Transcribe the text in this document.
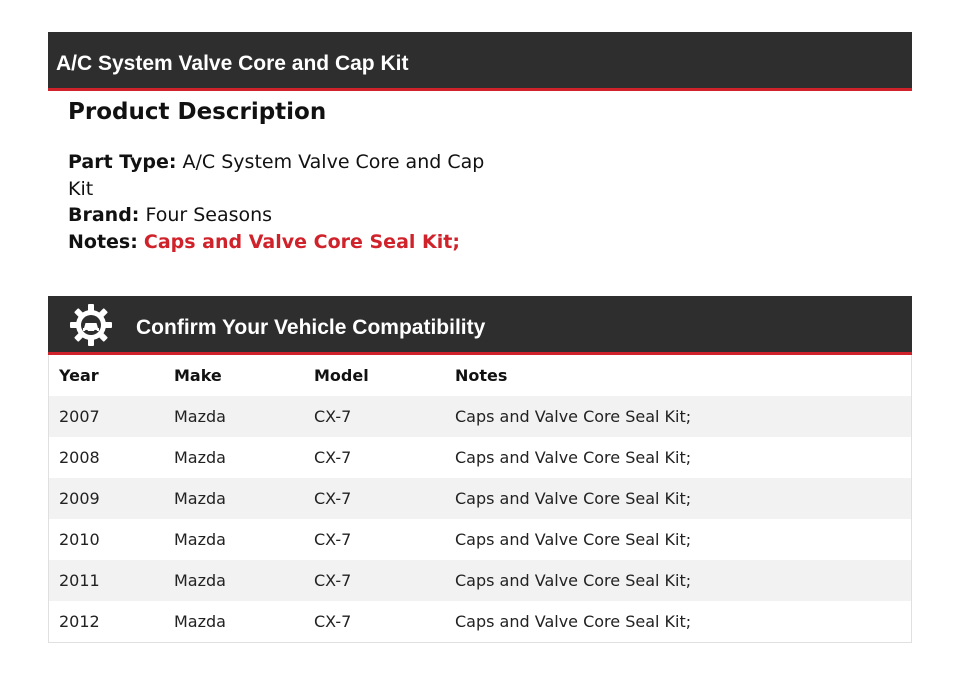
A/C System Valve Core and Cap Kit
Product Description
Part Type: A/C System Valve Core and Cap Kit
Brand: Four Seasons
Notes: Caps and Valve Core Seal Kit;
Confirm Your Vehicle Compatibility
Year	Make	Model	Notes
2007	Mazda	CX-7	Caps and Valve Core Seal Kit;
2008	Mazda	CX-7	Caps and Valve Core Seal Kit;
2009	Mazda	CX-7	Caps and Valve Core Seal Kit;
2010	Mazda	CX-7	Caps and Valve Core Seal Kit;
2011	Mazda	CX-7	Caps and Valve Core Seal Kit;
2012	Mazda	CX-7	Caps and Valve Core Seal Kit;
